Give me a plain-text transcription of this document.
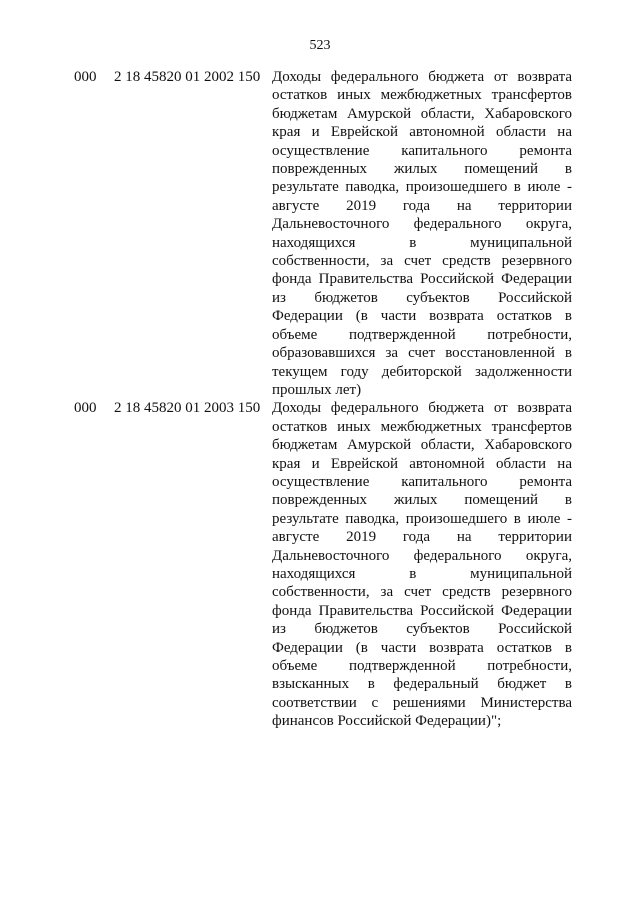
523
000 2 18 45820 01 2002 150 Доходы федерального бюджета от возврата остатков иных межбюджетных трансфертов бюджетам Амурской области, Хабаровского края и Еврейской автономной области на осуществление капитального ремонта поврежденных жилых помещений в результате паводка, произошедшего в июле - августе 2019 года на территории Дальневосточного федерального округа, находящихся в муниципальной собственности, за счет средств резервного фонда Правительства Российской Федерации из бюджетов субъектов Российской Федерации (в части возврата остатков в объеме подтвержденной потребности, образовавшихся за счет восстановленной в текущем году дебиторской задолженности прошлых лет)
000 2 18 45820 01 2003 150 Доходы федерального бюджета от возврата остатков иных межбюджетных трансфертов бюджетам Амурской области, Хабаровского края и Еврейской автономной области на осуществление капитального ремонта поврежденных жилых помещений в результате паводка, произошедшего в июле - августе 2019 года на территории Дальневосточного федерального округа, находящихся в муниципальной собственности, за счет средств резервного фонда Правительства Российской Федерации из бюджетов субъектов Российской Федерации (в части возврата остатков в объеме подтвержденной потребности, взысканных в федеральный бюджет в соответствии с решениями Министерства финансов Российской Федерации)";
